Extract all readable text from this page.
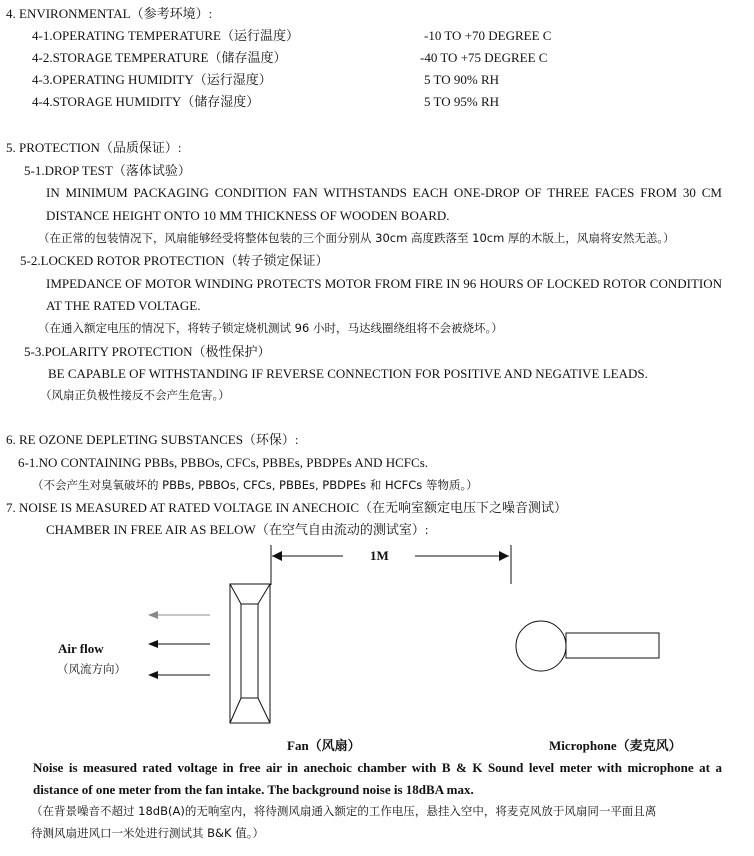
4. ENVIRONMENTAL（参考环境）:
4-1.OPERATING TEMPERATURE（运行温度）	-10 TO +70 DEGREE C
4-2.STORAGE TEMPERATURE（储存温度）	-40 TO +75 DEGREE C
4-3.OPERATING HUMIDITY（运行湿度）	5 TO 90% RH
4-4.STORAGE HUMIDITY（储存湿度）	5 TO 95% RH
5. PROTECTION（品质保证）:
5-1.DROP TEST（落体试验）
IN MINIMUM PACKAGING CONDITION FAN WITHSTANDS EACH ONE-DROP OF THREE FACES FROM 30 CM
DISTANCE HEIGHT ONTO 10 MM THICKNESS OF WOODEN BOARD.
（在正常的包装情况下，风扇能够经受将整体包装的三个面分别从 30cm 高度跌落至 10cm 厚的木版上，风扇将安然无恙。）
5-2.LOCKED ROTOR PROTECTION（转子锁定保证）
IMPEDANCE OF MOTOR WINDING PROTECTS MOTOR FROM FIRE IN 96 HOURS OF LOCKED ROTOR CONDITION
AT THE RATED VOLTAGE.
（在通入额定电压的情况下，将转子锁定烧机测试 96 小时，马达线圈绕组将不会被烧坏。）
5-3.POLARITY PROTECTION（极性保护）
BE CAPABLE OF WITHSTANDING IF REVERSE CONNECTION FOR POSITIVE AND NEGATIVE LEADS.
（风扇正负极性接反不会产生危害。）
6. RE OZONE DEPLETING SUBSTANCES（环保）:
6-1.NO CONTAINING PBBs, PBBOs, CFCs, PBBEs, PBDPEs AND HCFCs.
（不会产生对臭氧破坏的 PBBs, PBBOs, CFCs, PBBEs, PBDPEs 和 HCFCs 等物质。）
7. NOISE IS MEASURED AT RATED VOLTAGE IN ANECHOIC（在无响室额定电压下之噪音测试）
CHAMBER IN FREE AIR AS BELOW（在空气自由流动的测试室）:
1M
Air flow
（风流方向）
Fan（风扇）	Microphone（麦克风）
Noise is measured rated voltage in free air in anechoic chamber with B & K Sound level meter with microphone at a
distance of one meter from the fan intake. The background noise is 18dBA max.
（在背景噪音不超过 18dB(A)的无响室内，将待测风扇通入额定的工作电压，悬挂入空中，将麦克风放于风扇同一平面且离
待测风扇进风口一米处进行测试其 B&K 值。）
